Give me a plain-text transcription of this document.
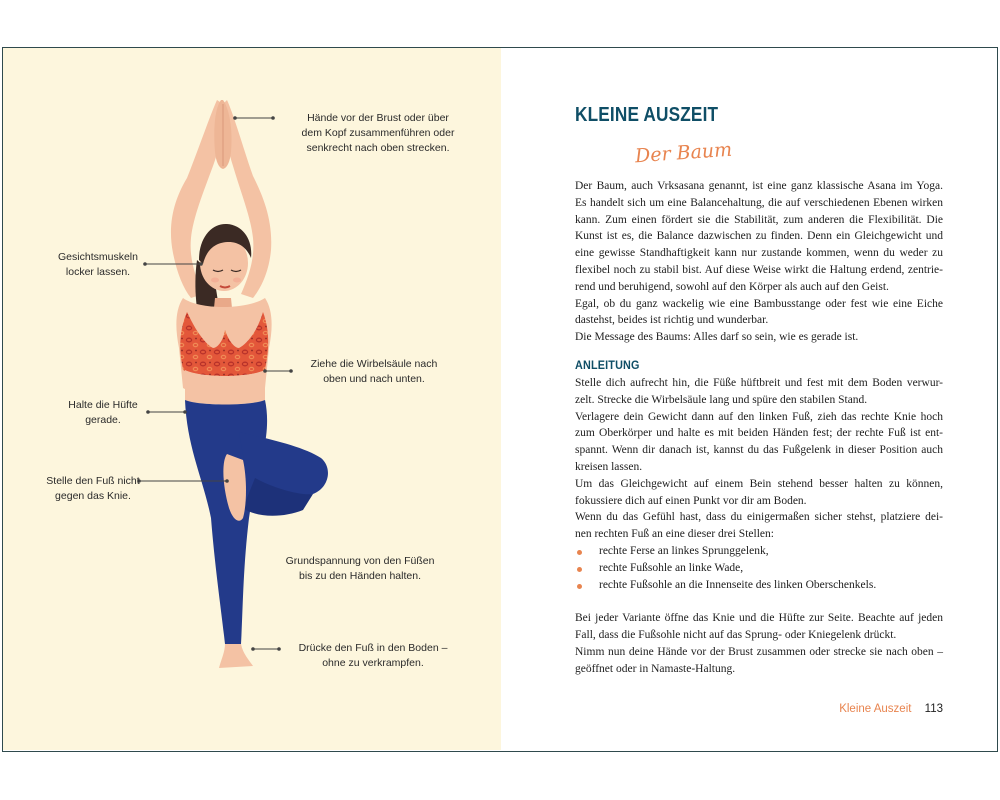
Hände vor der Brust oder über
dem Kopf zusammenführen oder
senkrecht nach oben strecken.
Gesichtsmuskeln
locker lassen.
Ziehe die Wirbelsäule nach
oben und nach unten.
Halte die Hüfte
gerade.
Stelle den Fuß nicht
gegen das Knie.
Grundspannung von den Füßen
bis zu den Händen halten.
Drücke den Fuß in den Boden –
ohne zu verkrampfen.
KLEINE AUSZEIT
Der Baum
Der Baum, auch Vrksasana genannt, ist eine ganz klassische Asana im Yoga.
Es handelt sich um eine Balancehaltung, die auf verschiedenen Ebenen wirken
kann. Zum einen fördert sie die Stabilität, zum anderen die Flexibilität. Die
Kunst ist es, die Balance dazwischen zu finden. Denn ein Gleichgewicht und
eine gewisse Standhaftigkeit kann nur zustande kommen, wenn du weder zu
flexibel noch zu stabil bist. Auf diese Weise wirkt die Haltung erdend, zentrie-
rend und beruhigend, sowohl auf den Körper als auch auf den Geist.
Egal, ob du ganz wackelig wie eine Bambusstange oder fest wie eine Eiche
dastehst, beides ist richtig und wunderbar.
Die Message des Baums: Alles darf so sein, wie es gerade ist.
ANLEITUNG
Stelle dich aufrecht hin, die Füße hüftbreit und fest mit dem Boden verwur-
zelt. Strecke die Wirbelsäule lang und spüre den stabilen Stand.
Verlagere dein Gewicht dann auf den linken Fuß, zieh das rechte Knie hoch
zum Oberkörper und halte es mit beiden Händen fest; der rechte Fuß ist ent-
spannt. Wenn dir danach ist, kannst du das Fußgelenk in dieser Position auch
kreisen lassen.
Um das Gleichgewicht auf einem Bein stehend besser halten zu können,
fokussiere dich auf einen Punkt vor dir am Boden.
Wenn du das Gefühl hast, dass du einigermaßen sicher stehst, platziere dei-
nen rechten Fuß an eine dieser drei Stellen:
rechte Ferse an linkes Sprunggelenk,
rechte Fußsohle an linke Wade,
rechte Fußsohle an die Innenseite des linken Oberschenkels.
Bei jeder Variante öffne das Knie und die Hüfte zur Seite. Beachte auf jeden
Fall, dass die Fußsohle nicht auf das Sprung- oder Kniegelenk drückt.
Nimm nun deine Hände vor der Brust zusammen oder strecke sie nach oben –
geöffnet oder in Namaste-Haltung.
Kleine Auszeit 113
